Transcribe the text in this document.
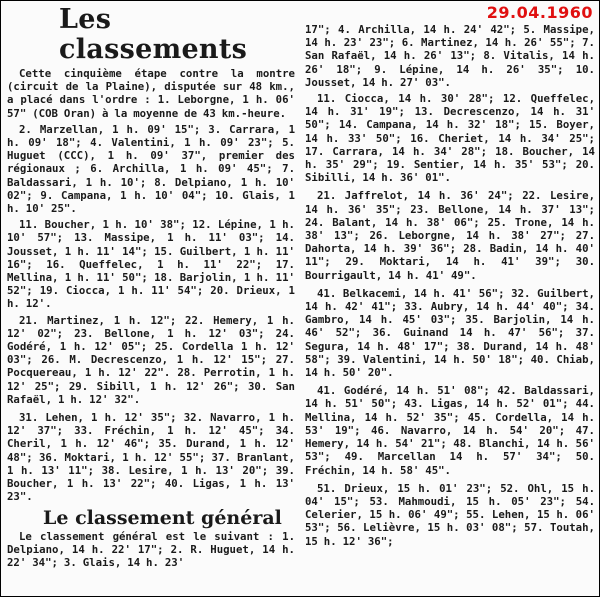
Les classements

Cette cinquième étape contre la montre (circuit de la Plaine), disputée sur 48 km., a placé dans l'ordre : 1. Leborgne, 1 h. 06' 57" (COB Oran) à la moyenne de 43 km.-heure.

2. Marzellan, 1 h. 09' 15"; 3. Carrara, 1 h. 09' 18"; 4. Valentini, 1 h. 09' 23"; 5. Huguet (CCC), 1 h. 09' 37", premier des régionaux ; 6. Archilla, 1 h. 09' 45"; 7. Baldassari, 1 h. 10'; 8. Delpiano, 1 h. 10' 02"; 9. Campana, 1 h. 10' 04"; 10. Glais, 1 h. 10' 25".

11. Boucher, 1 h. 10' 38"; 12. Lépine, 1 h. 10' 57"; 13. Massipe, 1 h. 11' 03"; 14. Jousset, 1 h. 11' 14"; 15. Guilbert, 1 h. 11' 16"; 16. Queffelec, 1 h. 11' 22"; 17. Mellina, 1 h. 11' 50"; 18. Barjolin, 1 h. 11' 52"; 19. Ciocca, 1 h. 11' 54"; 20. Drieux, 1 h. 12'.

21. Martinez, 1 h. 12"; 22. Hemery, 1 h. 12' 02"; 23. Bellone, 1 h. 12' 03"; 24. Godéré, 1 h. 12' 05"; 25. Cordella 1 h. 12' 03"; 26. M. Decrescenzo, 1 h. 12' 15"; 27. Pocquereau, 1 h. 12' 22". 28. Perrotin, 1 h. 12' 25"; 29. Sibill, 1 h. 12' 26"; 30. San Rafaël, 1 h. 12' 32".

31. Lehen, 1 h. 12' 35"; 32. Navarro, 1 h. 12' 37"; 33. Fréchin, 1 h. 12' 45"; 34. Cheril, 1 h. 12' 46"; 35. Durand, 1 h. 12' 48"; 36. Moktari, 1 h. 12' 55"; 37. Branlant, 1 h. 13' 11"; 38. Lesire, 1 h. 13' 20"; 39. Boucher, 1 h. 13' 22"; 40. Ligas, 1 h. 13' 23".

Le classement général

Le classement général est le suivant : 1. Delpiano, 14 h. 22' 17"; 2. R. Huguet, 14 h. 22' 34"; 3. Glais, 14 h. 23'

17"; 4. Archilla, 14 h. 24' 42"; 5. Massipe, 14 h. 23' 23"; 6. Martinez, 14 h. 26' 55"; 7. San Rafaël, 14 h. 26' 13"; 8. Vitalis, 14 h. 26' 18"; 9. Lépine, 14 h. 26' 35"; 10. Jousset, 14 h. 27' 03".

11. Ciocca, 14 h. 30' 28"; 12. Queffelec, 14 h. 31' 19"; 13. Decrescenzo, 14 h. 31' 50"; 14. Campana, 14 h. 32' 18"; 15. Boyer, 14 h. 33' 50"; 16. Cheriet, 14 h. 34' 25"; 17. Carrara, 14 h. 34' 28"; 18. Boucher, 14 h. 35' 29"; 19. Sentier, 14 h. 35' 53"; 20. Sibilli, 14 h. 36' 01".

21. Jaffrelot, 14 h. 36' 24"; 22. Lesire, 14 h. 36' 35"; 23. Bellone, 14 h. 37' 13"; 24. Balant, 14 h. 38' 06"; 25. Trone, 14 h. 38' 13"; 26. Leborgne, 14 h. 38' 27"; 27. Dahorta, 14 h. 39' 36"; 28. Badin, 14 h. 40' 11"; 29. Moktari, 14 h. 41' 39"; 30. Bourrigault, 14 h. 41' 49".

41. Belkacemi, 14 h. 41' 56"; 32. Guilbert, 14 h. 42' 41"; 33. Aubry, 14 h. 44' 40"; 34. Gambro, 14 h. 45' 03"; 35. Barjolin, 14 h. 46' 52"; 36. Guinand 14 h. 47' 56"; 37. Segura, 14 h. 48' 17"; 38. Durand, 14 h. 48' 58"; 39. Valentini, 14 h. 50' 18"; 40. Chiab, 14 h. 50' 20".

41. Godéré, 14 h. 51' 08"; 42. Baldassari, 14 h. 51' 50"; 43. Ligas, 14 h. 52' 01"; 44. Mellina, 14 h. 52' 35"; 45. Cordella, 14 h. 53' 19"; 46. Navarro, 14 h. 54' 20"; 47. Hemery, 14 h. 54' 21"; 48. Blanchi, 14 h. 56' 53"; 49. Marcellan 14 h. 57' 34"; 50. Fréchin, 14 h. 58' 45".

51. Drieux, 15 h. 01' 23"; 52. Ohl, 15 h. 04' 15"; 53. Mahmoudi, 15 h. 05' 23"; 54. Celerier, 15 h. 06' 49"; 55. Lehen, 15 h. 06' 53"; 56. Lelièvre, 15 h. 03' 08"; 57. Toutah, 15 h. 12' 36";

29.04.1960
